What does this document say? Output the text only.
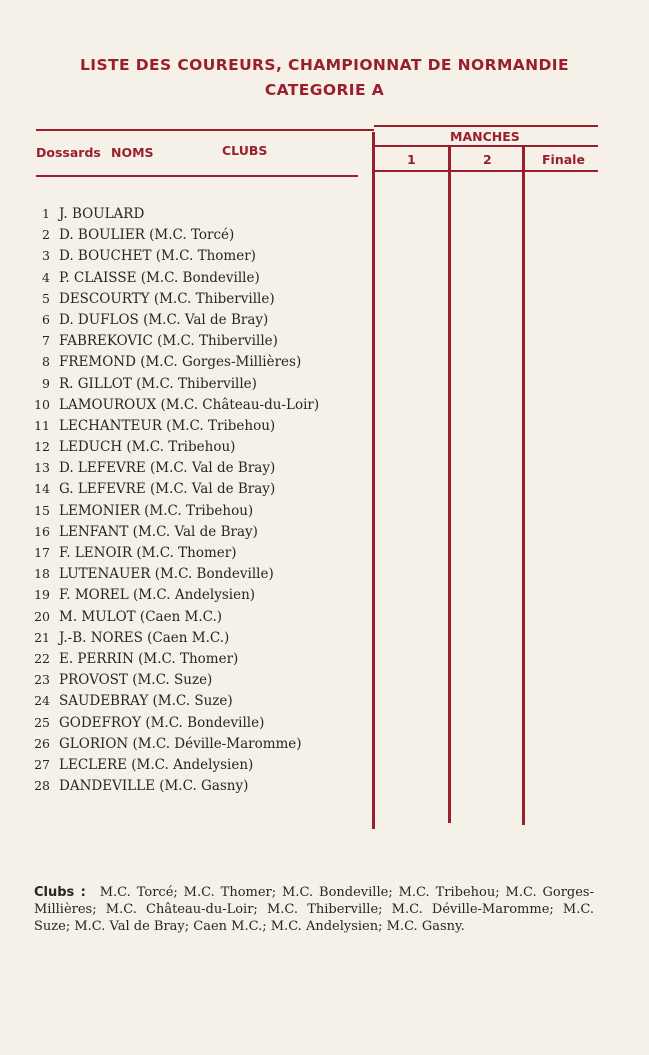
LISTE DES COUREURS, CHAMPIONNAT DE NORMANDIE
CATEGORIE A
Dossards NOMS	CLUBS
MANCHES
1	2	Finale
1 J. BOULARD
2 D. BOULIER (M.C. Torcé)
3 D. BOUCHET (M.C. Thomer)
4 P. CLAISSE (M.C. Bondeville)
5 DESCOURTY (M.C. Thiberville)
6 D. DUFLOS (M.C. Val de Bray)
7 FABREKOVIC (M.C. Thiberville)
8 FREMOND (M.C. Gorges-Millières)
9 R. GILLOT (M.C. Thiberville)
10 LAMOUROUX (M.C. Château-du-Loir)
11 LECHANTEUR (M.C. Tribehou)
12 LEDUCH (M.C. Tribehou)
13 D. LEFEVRE (M.C. Val de Bray)
14 G. LEFEVRE (M.C. Val de Bray)
15 LEMONIER (M.C. Tribehou)
16 LENFANT (M.C. Val de Bray)
17 F. LENOIR (M.C. Thomer)
18 LUTENAUER (M.C. Bondeville)
19 F. MOREL (M.C. Andelysien)
20 M. MULOT (Caen M.C.)
21 J.-B. NORES (Caen M.C.)
22 E. PERRIN (M.C. Thomer)
23 PROVOST (M.C. Suze)
24 SAUDEBRAY (M.C. Suze)
25 GODEFROY (M.C. Bondeville)
26 GLORION (M.C. Déville-Maromme)
27 LECLERE (M.C. Andelysien)
28 DANDEVILLE (M.C. Gasny)
Clubs : M.C. Torcé; M.C. Thomer; M.C. Bondeville; M.C. Tribehou; M.C. Gorges-Millières; M.C. Château-du-Loir; M.C. Thiberville; M.C. Déville-Maromme; M.C. Suze; M.C. Val de Bray; Caen M.C.; M.C. Andelysien; M.C. Gasny.
